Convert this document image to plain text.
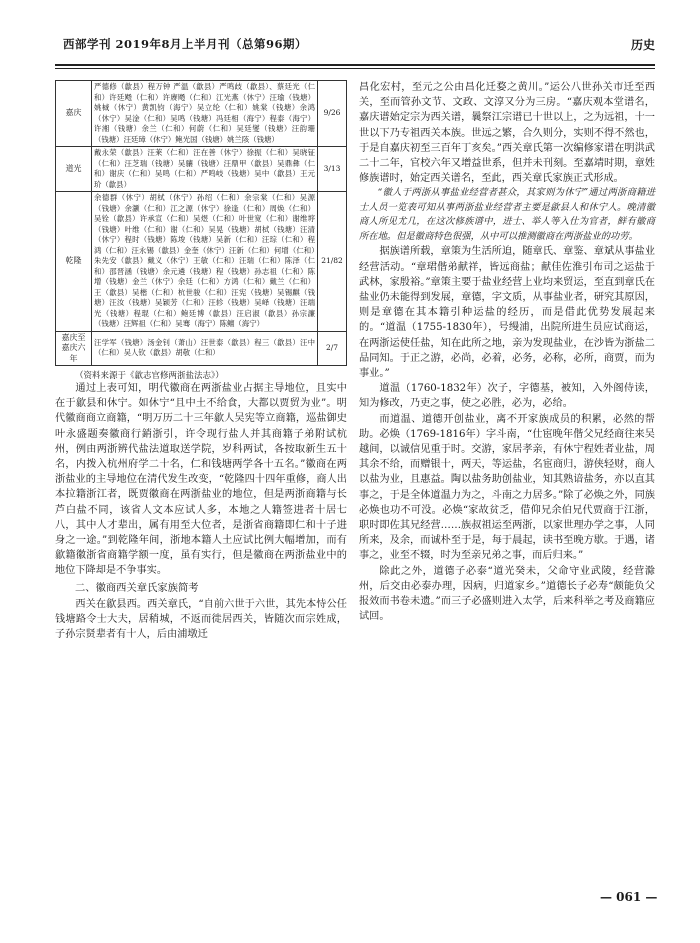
西部学刊 2019年8月上半月刊（总第96期）	历史
嘉庆	严德修（歙县）程万钟 严温（歙县）严鸣歧（歙县）、蔡廷光（仁和）许廷飏（仁和）许赓飏（仁和）江光燕（休宁）汪瑜（钱塘）姚棫（休宁）黄凯钧（海宁）吴立纶（仁和）姚棠（钱塘）余鸿（休宁）吴淦（仁和）吴鸣（钱塘）冯廷相（海宁）程泰（海宁）许湘（钱塘）余兰（仁和）何蔚（仁和）吴廷燮（钱塘）汪韵珊（钱塘）汪廷璋（休宁）鲍光国（钱塘）姚兰陔（钱塘）	9/26
道光	戴永荣（歙县）汪莱（仁和）汪在善（休宁）徐振（仁和）吴晓钲（仁和）汪芝瑞（钱塘）吴骧（钱塘）汪鼎甲（歙县）吴鼎彝（仁和）谢庆（仁和）吴鸣（仁和）严鸣岐（钱塘）吴中（歙县）王元玠（歙县）	3/13
乾隆	余德群（休宁）胡栻（休宁）孙绍（仁和）余宗棠（仁和）吴源（钱塘）余灏（仁和）江之源（休宁）徐逢（仁和）周焕（仁和）吴铨（歙县）许承宣（仁和）吴煜（仁和）叶世宽（仁和）谢维垿（钱塘）叶维（仁和）谢（仁和）吴晃（钱塘）胡栻（钱塘）汪清（休宁）程时（钱塘）陈埈（钱塘）吴新（仁和）汪琮（仁和）程鸿（仁和）汪永锡（歙县）金奎（休宁）汪新（仁和）何增（仁和）朱先安（歙县）戴义（休宁）王敏（仁和）汪瑞（仁和）陈泽（仁和）邵晋涵（钱塘）余元遴（钱塘）程（钱塘）孙志祖（仁和）陈增（钱塘）金兰（休宁）余廷（仁和）方鸿（仁和）戴兰（仁和）王（歙县）吴楷（仁和）杭世骏（仁和）汪宪（钱塘）吴锡麒（钱塘）汪汝（钱塘）吴颖芳（仁和）汪轸（钱塘）吴峄（钱塘）汪端光（钱塘）程琨（仁和）鲍廷博（歙县）汪启淑（歙县）孙宗濂（钱塘）汪辉祖（仁和）吴骞（海宁）陈鳣（海宁）	21/82
嘉庆至嘉庆六年	汪学军（钱塘）汤金钊（萧山）汪世泰（歙县）程三（歙县）汪中（仁和）吴人钦（歙县）胡敬（仁和）	2/7
（资料来源于《歙志官修两浙盐法志》）

通过上表可知，明代徽商在两浙盐业占据主导地位，且实中在于歙县和休宁。如休宁“且中土不给食，大都以贾贸为业”。明代徽商商立商籍，“明万历二十三年歙人吴宪等立商籍，巡盐御史叶永盛题奏徽商行銷浙引，许令现行盐人并其商籍子弟附试杭州，例由两浙辨代盐法道取送学院，岁科两试，各按取新生五十名，内拨入杭州府学二十名，仁和钱塘两学各十五名。”徽商在两浙盐业的主导地位在清代发生改变，“乾隆四十四年重修，商人出本拉籍浙江者，既贾徽商在两浙盐业的地位，但是两浙商籍与长芦白盐不同，该省人文本应试人多，本地之人籍签进者十居七八，其中人才辈出，属有用至大位者，是浙省商籍即仁和十子进身之一途。”到乾隆年间，浙地本籍人土应试比例大幅增加，而有歙籍徽浙省商籍学额一度，虽有实行，但是徽商在两浙盐业中的地位下降却是不争事实。

二、徽商西关章氏家族简考

西关在歙县西。西关章氏，“自前六世于六世，其先本恃公任钱塘路令士大夫，居稍城，不返而徙居西关，皆随次而宗姓成，子孙宗贤辈者有十人，后由浦墩迁

昌化宏村，至元之公由昌化迁婺之黄川。”运公八世孙关市迁至西关，至而管孙文节、文政、文淳又分为三房。“嘉庆观本堂谱名，嘉庆谱始定宗为西关谱，曩祭江宗谱已十世以上，之为远祖，十一世以下乃专祖西关本族。世远之繁，合久则分，实则不得不然也，于是自嘉庆初至三百年丁亥矣。”西关章氏第一次编修家谱在明洪武二十二年，官校六年又增益世系，但并未刊刻。至嘉靖时期，章姓修族谱时，始定西关谱名，至此，西关章氏家族正式形成。

“徽人于两浙从事盐业经营者甚众，其家则为休宁”通过两浙商籍进士人员一览表可知从事两浙盐业经营者主要是歙县人和休宁人。晚清徽商人所见尤几，在这次修族谱中，进士、举人等入仕为官者，鲜有徽商所在地。但是徽商特色很强，从中可以推测徽商在两浙盐业的功劳。

据族谱所载，章策为生活所迫，随章氏、章鉴、章斌从事盐业经营活动。“章珺偕弟献祥，皆远商盐；献佳佐淮引布司之运盐于武林，家殷裕。”章策主要于盐业经营上业均来贸运，至直到章氏在盐业仍未能得到发展，章德，字文质，从事盐业者，研究其原因，则是章德在其本籍引种运盐的经历，而是借此优势发展起来的。“道温（1755-1830年），号缦浦，出院所进生员应试商运，在两浙运使任盐，知在此所之地，亲为发现盐业，在沙皆为浙盐二品同知。于正之游，必尚，必着，必务，必称，必所，商贾，而为事业。”

道温（1760-1832年）次子，字德基，被知，入外阁侍读，知为修改，乃吏之事，使之必胜，必为，必给。

而道温、道德开创盐业，离不开家族成员的积累，必然的帮助。必焕（1769-1816年）字斗南，“仕宦晚年偕父兄经商往来吴越间，以诚信见重于时。交游，家居孝亲，有休宁程姓者业盐，周其余不给，而赠银十，两天，等运盐，名宦商归，游侠轻财，商人以盐为业，且惠益。陶以盐务助创盐业，知其熟谙盐务，亦以直其事之，于是全体道温力为之，斗南之力居多。”除了必焕之外，同族必焕也功不可没。必焕“家故贫乏，借仰兄余伯兄代贾商于江浙，职时即佐其兄经营……族叔祖运至两浙，以家世理办学之事，人同所来，及余，而诚朴至于是，每于晨起，读书至晚方歇。于遇，诸事之，业至不辍，时为至亲兄弟之事，而后归来。”

除此之外，道德子必泰“道光癸未，父命守业武陵，经营滁州，后交由必泰办理，因病，归道家乡。”道德长子必寿“颇能负父报效而书卷未遗。”而三子必盛则进入太学，后来科举之考及商籍应试回。

— 061 —
